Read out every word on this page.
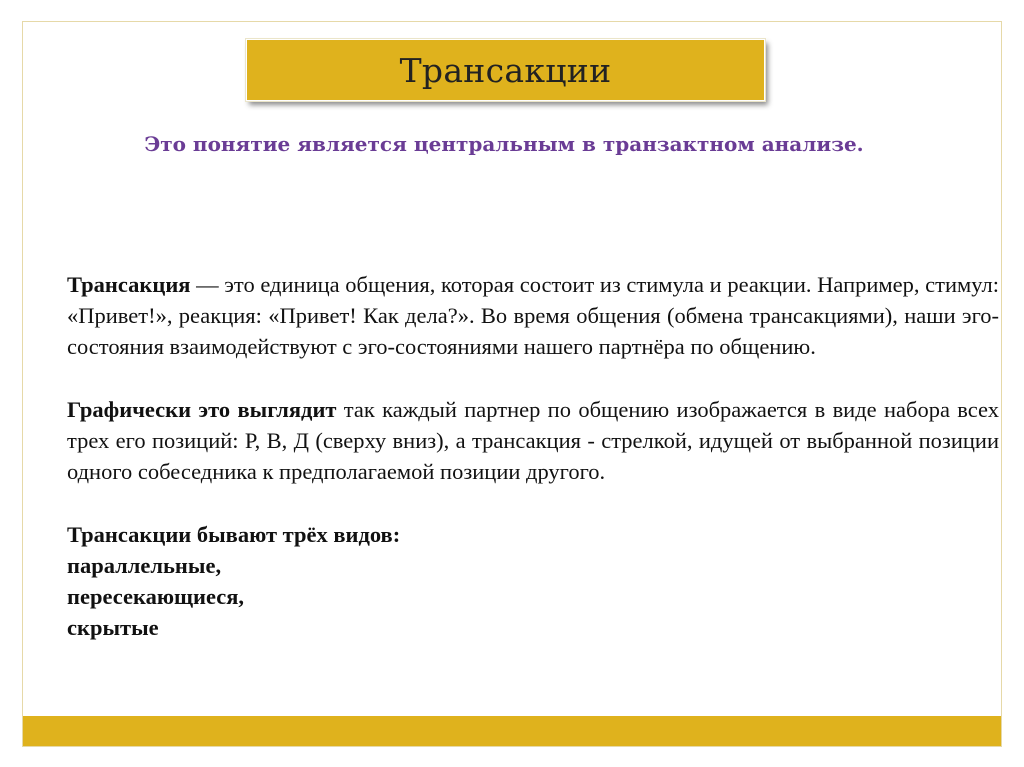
Трансакции
Это понятие является центральным в транзактном анализе.

Трансакция — это единица общения, которая состоит из стимула и реакции. Например, стимул: «Привет!», реакция: «Привет! Как дела?». Во время общения (обмена трансакциями), наши эго-состояния взаимодействуют с эго-состояниями нашего партнёра по общению.

Графически это выглядит так каждый партнер по общению изображается в виде набора всех трех его позиций: Р, В, Д (сверху вниз), а трансакция - стрелкой, идущей от выбранной позиции одного собеседника к предполагаемой позиции другого.

Трансакции бывают трёх видов:
параллельные,
пересекающиеся,
скрытые
